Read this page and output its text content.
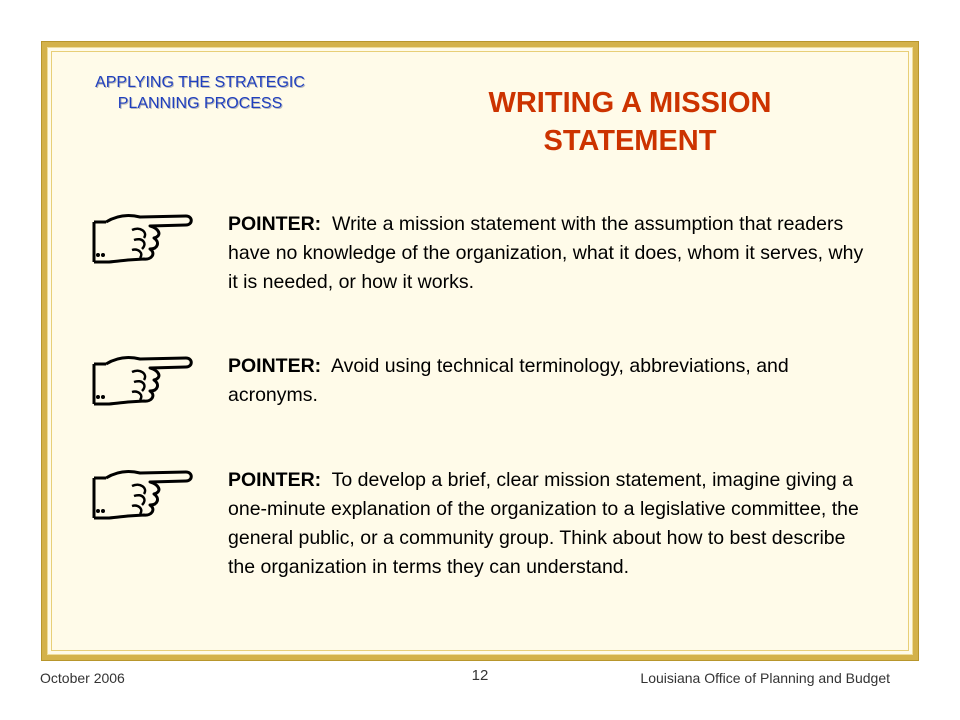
APPLYING THE STRATEGIC PLANNING PROCESS	WRITING A MISSION STATEMENT
POINTER: Write a mission statement with the assumption that readers have no knowledge of the organization, what it does, whom it serves, why it is needed, or how it works.
POINTER: Avoid using technical terminology, abbreviations, and acronyms.
POINTER: To develop a brief, clear mission statement, imagine giving a one-minute explanation of the organization to a legislative committee, the general public, or a community group. Think about how to best describe the organization in terms they can understand.
October 2006	12	Louisiana Office of Planning and Budget
